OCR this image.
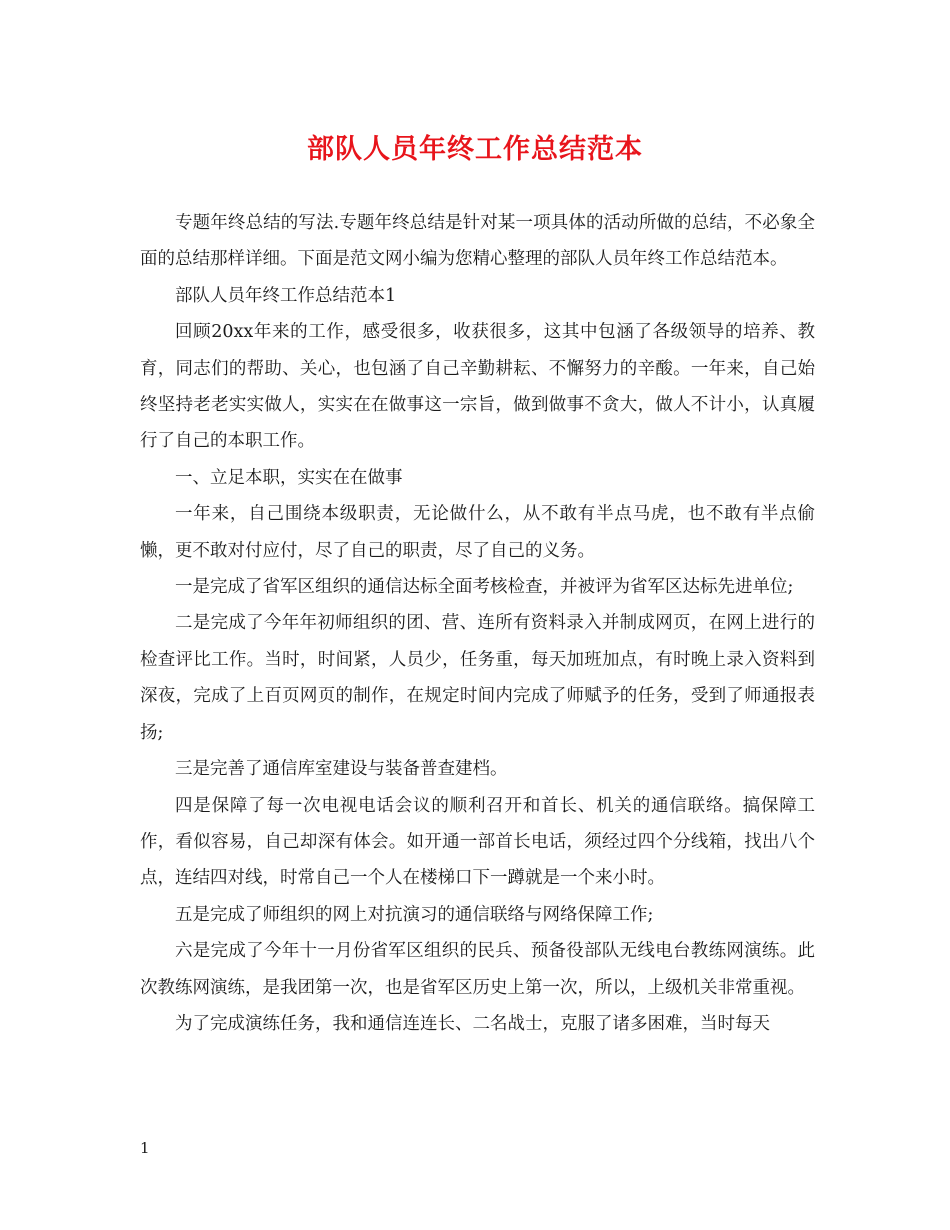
部队人员年终工作总结范本

专题年终总结的写法.专题年终总结是针对某一项具体的活动所做的总结，不必象全面的总结那样详细。下面是范文网小编为您精心整理的部队人员年终工作总结范本。

部队人员年终工作总结范本1

回顾20xx年来的工作，感受很多，收获很多，这其中包涵了各级领导的培养、教育，同志们的帮助、关心，也包涵了自己辛勤耕耘、不懈努力的辛酸。一年来，自己始终坚持老老实实做人，实实在在做事这一宗旨，做到做事不贪大，做人不计小，认真履行了自己的本职工作。

一、立足本职，实实在在做事

一年来，自己围绕本级职责，无论做什么，从不敢有半点马虎，也不敢有半点偷懒，更不敢对付应付，尽了自己的职责，尽了自己的义务。

一是完成了省军区组织的通信达标全面考核检查，并被评为省军区达标先进单位;

二是完成了今年年初师组织的团、营、连所有资料录入并制成网页，在网上进行的检查评比工作。当时，时间紧，人员少，任务重，每天加班加点，有时晚上录入资料到深夜，完成了上百页网页的制作，在规定时间内完成了师赋予的任务，受到了师通报表扬;

三是完善了通信库室建设与装备普查建档。

四是保障了每一次电视电话会议的顺利召开和首长、机关的通信联络。搞保障工作，看似容易，自己却深有体会。如开通一部首长电话，须经过四个分线箱，找出八个点，连结四对线，时常自己一个人在楼梯口下一蹲就是一个来小时。

五是完成了师组织的网上对抗演习的通信联络与网络保障工作;

六是完成了今年十一月份省军区组织的民兵、预备役部队无线电台教练网演练。此次教练网演练，是我团第一次，也是省军区历史上第一次，所以，上级机关非常重视。

为了完成演练任务，我和通信连连长、二名战士，克服了诸多困难，当时每天

1
